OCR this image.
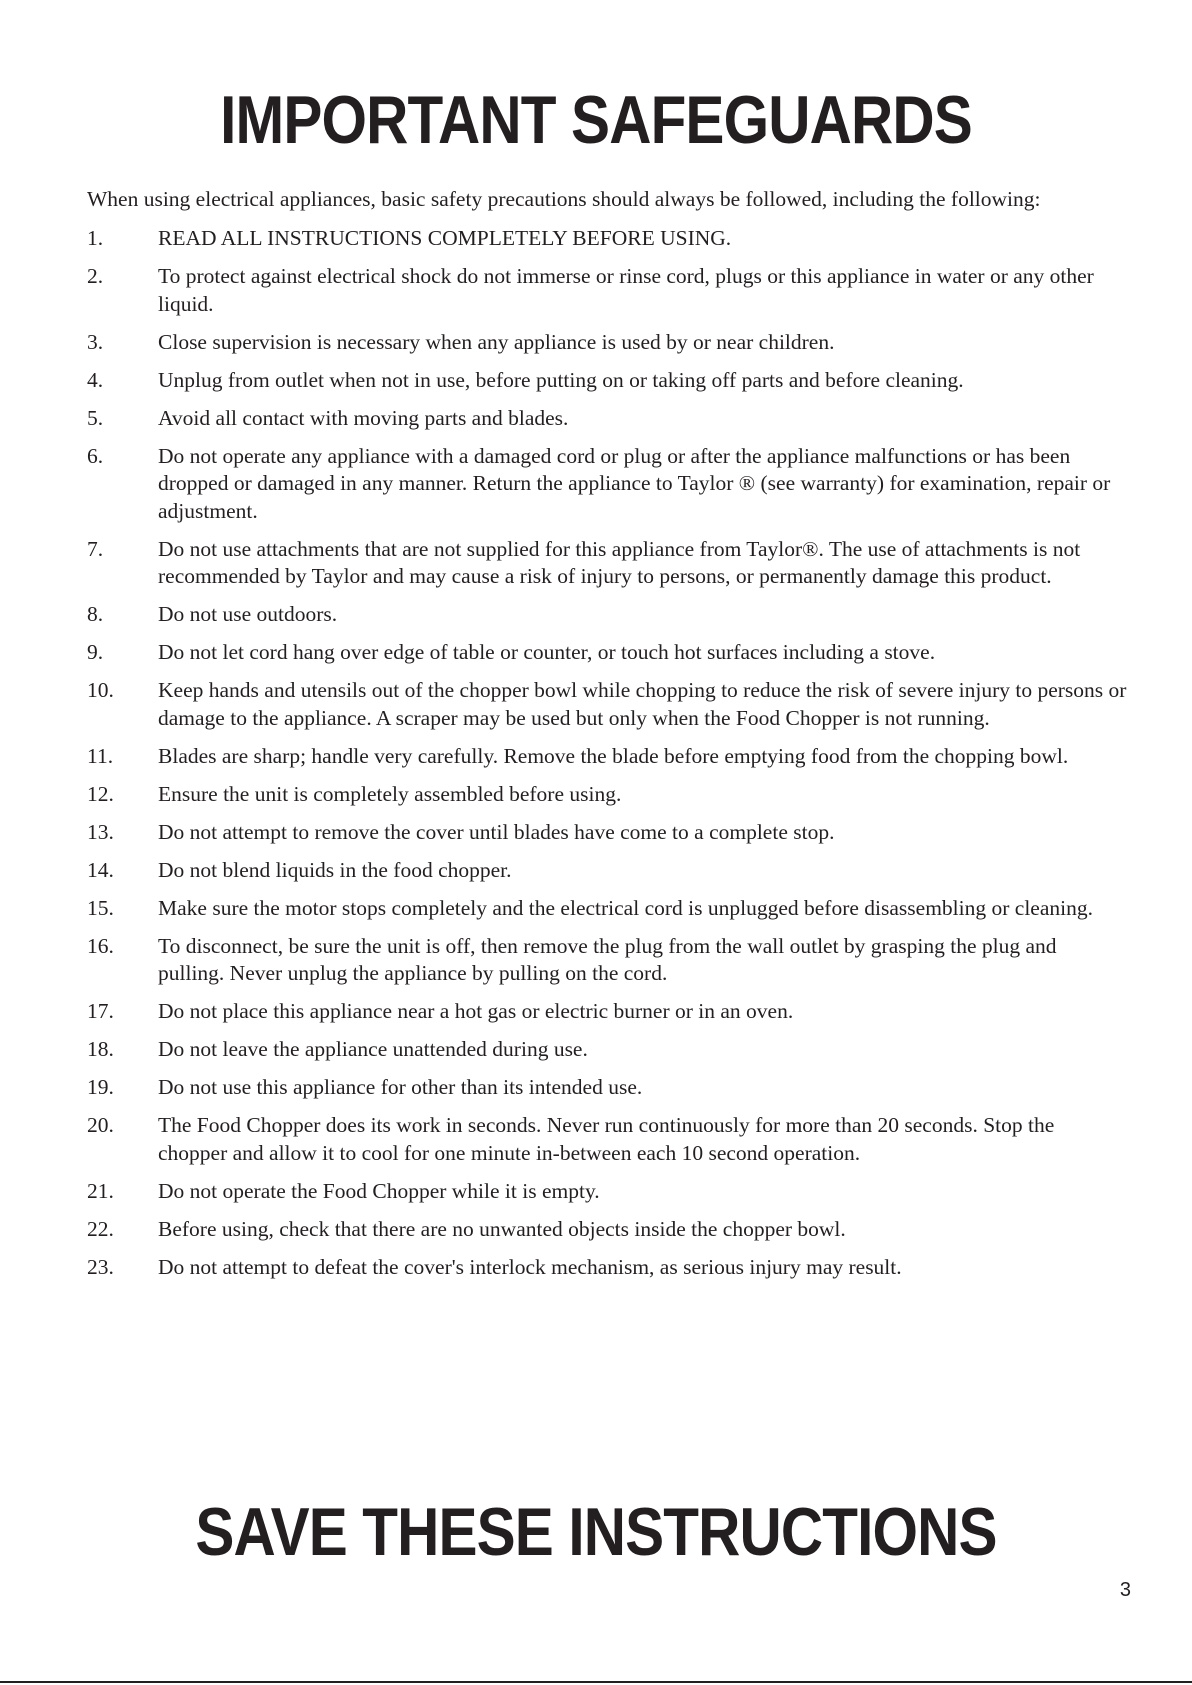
IMPORTANT SAFEGUARDS

When using electrical appliances, basic safety precautions should always be followed, including the following:

1.	READ ALL INSTRUCTIONS COMPLETELY BEFORE USING.
2.	To protect against electrical shock do not immerse or rinse cord, plugs or this appliance in water or any other liquid.
3.	Close supervision is necessary when any appliance is used by or near children.
4.	Unplug from outlet when not in use, before putting on or taking off parts and before cleaning.
5.	Avoid all contact with moving parts and blades.
6.	Do not operate any appliance with a damaged cord or plug or after the appliance malfunctions or has been dropped or damaged in any manner. Return the appliance to Taylor ® (see warranty) for examination, repair or adjustment.
7.	Do not use attachments that are not supplied for this appliance from Taylor®. The use of attachments is not recommended by Taylor and may cause a risk of injury to persons, or permanently damage this product.
8.	Do not use outdoors.
9.	Do not let cord hang over edge of table or counter, or touch hot surfaces including a stove.
10.	Keep hands and utensils out of the chopper bowl while chopping to reduce the risk of severe injury to persons or damage to the appliance. A scraper may be used but only when the Food Chopper is not running.
11.	Blades are sharp; handle very carefully. Remove the blade before emptying food from the chopping bowl.
12.	Ensure the unit is completely assembled before using.
13.	Do not attempt to remove the cover until blades have come to a complete stop.
14.	Do not blend liquids in the food chopper.
15.	Make sure the motor stops completely and the electrical cord is unplugged before disassembling or cleaning.
16.	To disconnect, be sure the unit is off, then remove the plug from the wall outlet by grasping the plug and pulling. Never unplug the appliance by pulling on the cord.
17.	Do not place this appliance near a hot gas or electric burner or in an oven.
18.	Do not leave the appliance unattended during use.
19.	Do not use this appliance for other than its intended use.
20.	The Food Chopper does its work in seconds. Never run continuously for more than 20 seconds. Stop the chopper and allow it to cool for one minute in-between each 10 second operation.
21.	Do not operate the Food Chopper while it is empty.
22.	Before using, check that there are no unwanted objects inside the chopper bowl.
23.	Do not attempt to defeat the cover's interlock mechanism, as serious injury may result.
SAVE THESE INSTRUCTIONS
3
